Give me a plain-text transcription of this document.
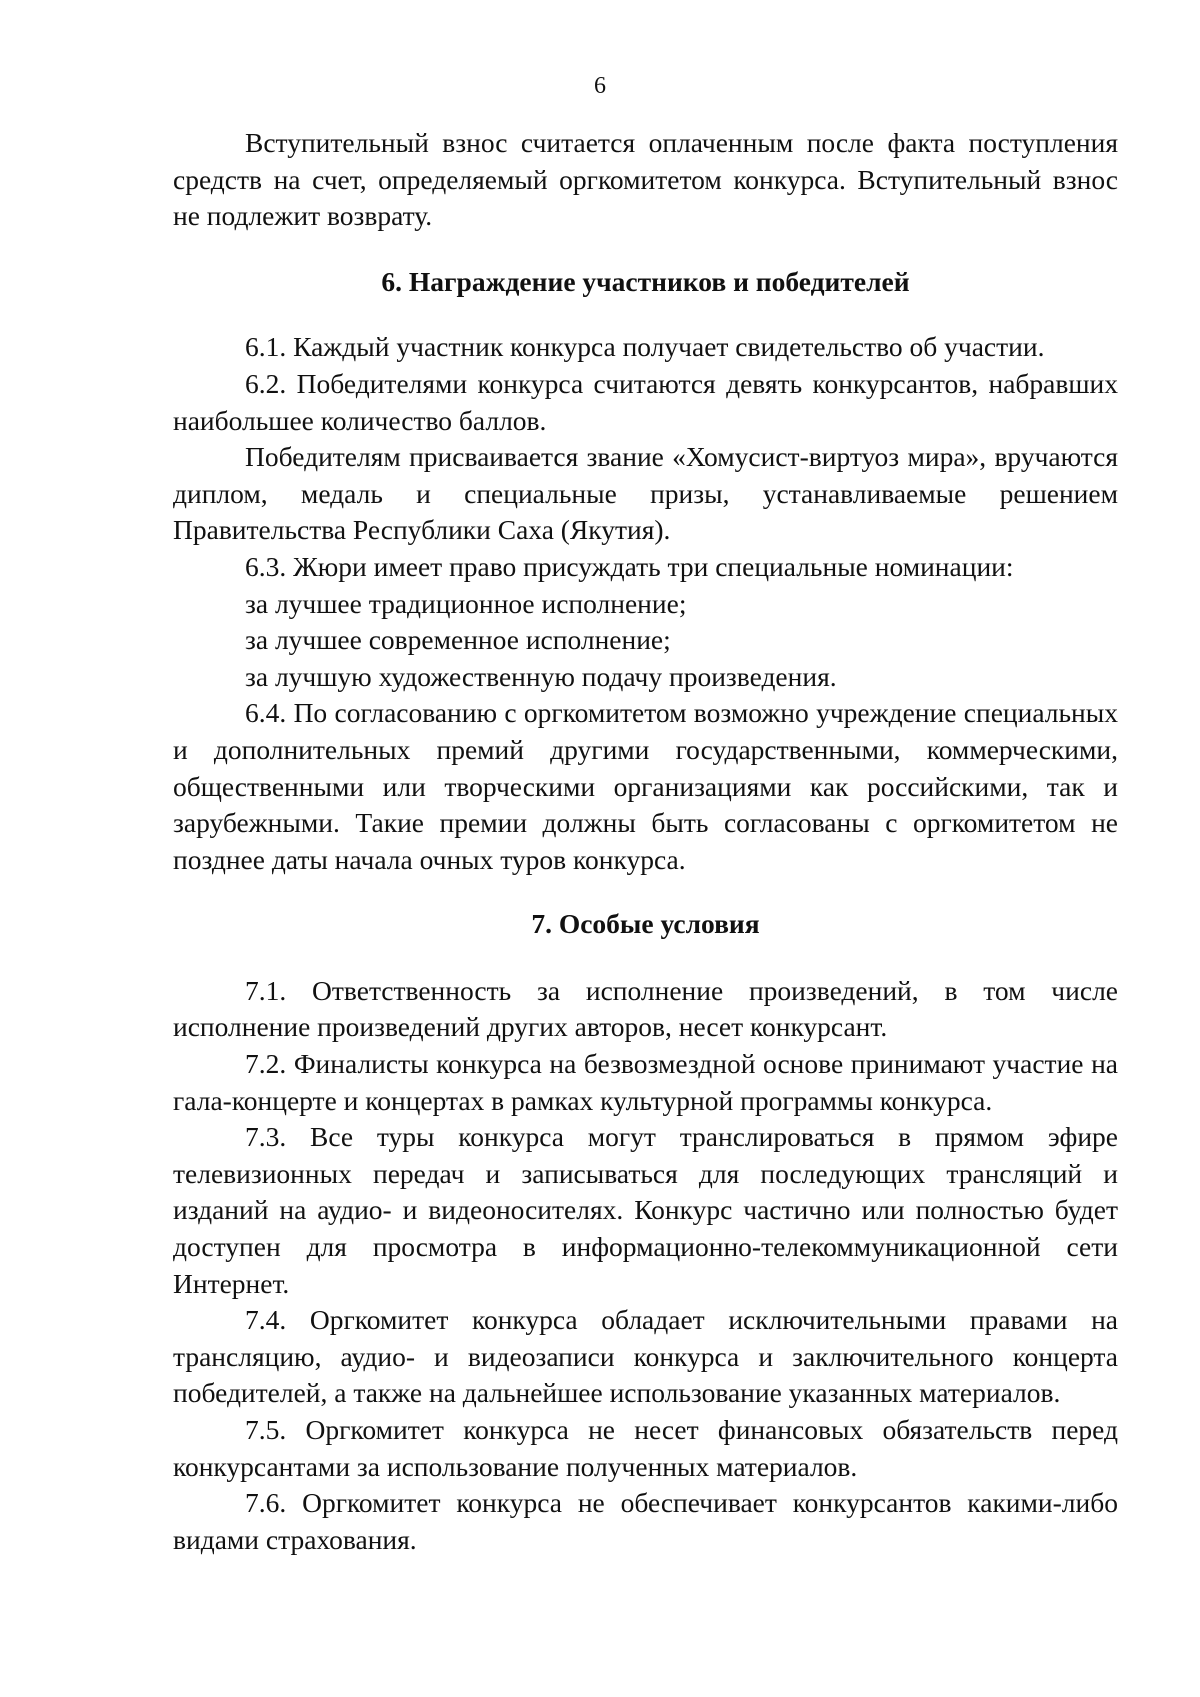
6

Вступительный взнос считается оплаченным после факта поступления средств на счет, определяемый оргкомитетом конкурса. Вступительный взнос не подлежит возврату.

6. Награждение участников и победителей

6.1. Каждый участник конкурса получает свидетельство об участии.

6.2. Победителями конкурса считаются девять конкурсантов, набравших наибольшее количество баллов.

Победителям присваивается звание «Хомусист-виртуоз мира», вручаются диплом, медаль и специальные призы, устанавливаемые решением Правительства Республики Саха (Якутия).

6.3. Жюри имеет право присуждать три специальные номинации:

за лучшее традиционное исполнение;

за лучшее современное исполнение;

за лучшую художественную подачу произведения.

6.4. По согласованию с оргкомитетом возможно учреждение специальных и дополнительных премий другими государственными, коммерческими, общественными или творческими организациями как российскими, так и зарубежными. Такие премии должны быть согласованы с оргкомитетом не позднее даты начала очных туров конкурса.

7. Особые условия

7.1. Ответственность за исполнение произведений, в том числе исполнение произведений других авторов, несет конкурсант.

7.2. Финалисты конкурса на безвозмездной основе принимают участие на гала-концерте и концертах в рамках культурной программы конкурса.

7.3. Все туры конкурса могут транслироваться в прямом эфире телевизионных передач и записываться для последующих трансляций и изданий на аудио- и видеоносителях. Конкурс частично или полностью будет доступен для просмотра в информационно-телекоммуникационной сети Интернет.

7.4. Оргкомитет конкурса обладает исключительными правами на трансляцию, аудио- и видеозаписи конкурса и заключительного концерта победителей, а также на дальнейшее использование указанных материалов.

7.5. Оргкомитет конкурса не несет финансовых обязательств перед конкурсантами за использование полученных материалов.

7.6. Оргкомитет конкурса не обеспечивает конкурсантов какими-либо видами страхования.
